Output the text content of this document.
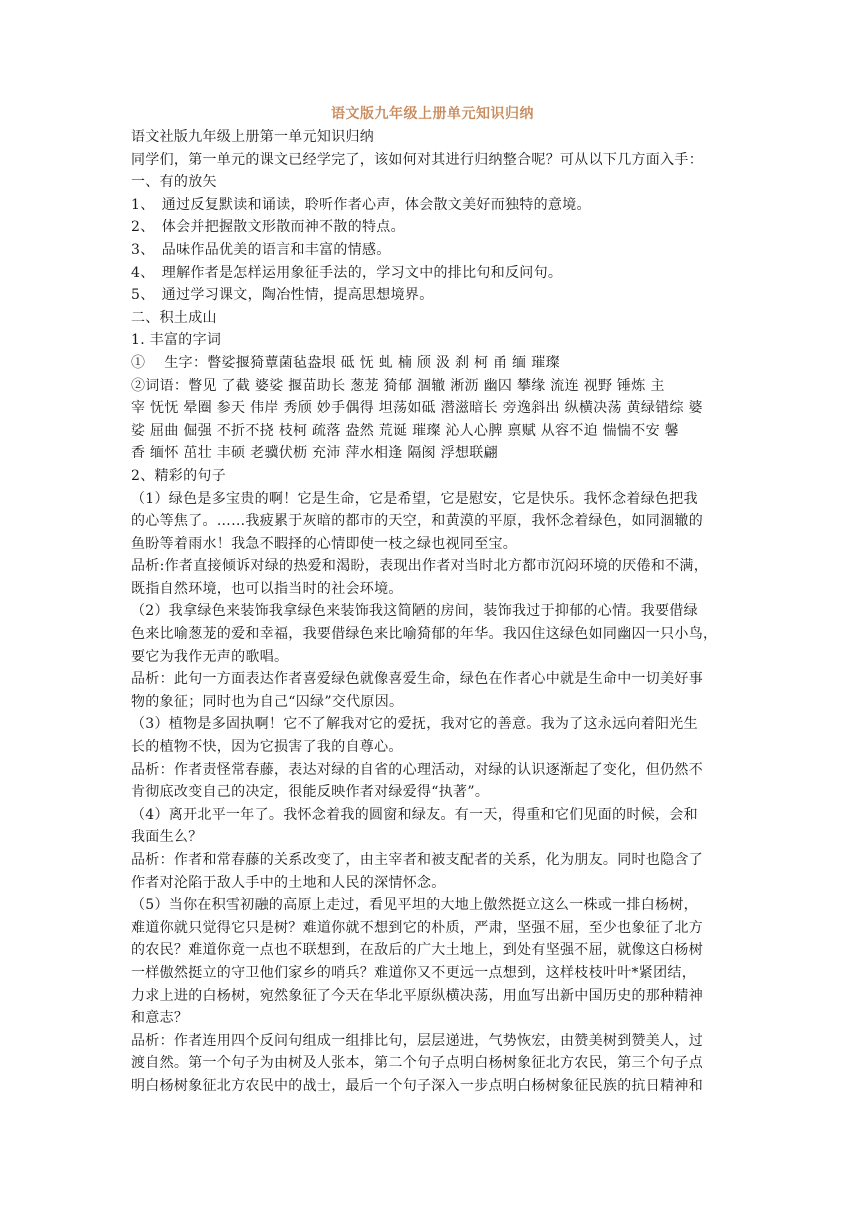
语文版九年级上册单元知识归纳

语文社版九年级上册第一单元知识归纳

同学们，第一单元的课文已经学完了，该如何对其进行归纳整合呢？可从以下几方面入手：

一、有的放矢

1、　通过反复默读和诵读，聆听作者心声，体会散文美好而独特的意境。

2、　体会并把握散文形散而神不散的特点。

3、　品味作品优美的语言和丰富的情感。

4、　理解作者是怎样运用象征手法的，学习文中的排比句和反问句。

5、　通过学习课文，陶冶性情，提高思想境界。

二、积土成山

1. 丰富的字词

①　 生字：瞥娑揠猗蕈菌毡盎垠 砥 怃 虬 楠 颀 汲 刹 柯 甬 缅 璀璨

②词语：瞥见 了截 婆娑 揠苗助长 葱茏 猗郁 涸辙 淅沥 幽囚 攀缘 流连 视野 锤炼 主

宰 怃怃 晕圈 参天 伟岸 秀颀 妙手偶得 坦荡如砥 潜滋暗长 旁逸斜出 纵横决荡 黄绿错综 婆

娑 屈曲 倔强 不折不挠 枝柯 疏落 盎然 荒诞 璀璨 沁人心脾 禀赋 从容不迫 惴惴不安 馨

香 缅怀 茁壮 丰硕 老骥伏枥 充沛 萍水相逢 隔阂 浮想联翩

2、精彩的句子

（1）绿色是多宝贵的啊！它是生命，它是希望，它是慰安，它是快乐。我怀念着绿色把我

的心等焦了。……我疲累于灰暗的都市的天空，和黄漠的平原，我怀念着绿色，如同涸辙的

鱼盼等着雨水！我急不暇择的心情即使一枝之绿也视同至宝。

品析:作者直接倾诉对绿的热爱和渴盼，表现出作者对当时北方都市沉闷环境的厌倦和不满，

既指自然环境，也可以指当时的社会环境。

（2）我拿绿色来装饰我拿绿色来装饰我这简陋的房间，装饰我过于抑郁的心情。我要借绿

色来比喻葱茏的爱和幸福，我要借绿色来比喻猗郁的年华。我囚住这绿色如同幽囚一只小鸟，

要它为我作无声的歌唱。

品析：此句一方面表达作者喜爱绿色就像喜爱生命，绿色在作者心中就是生命中一切美好事

物的象征；同时也为自己“囚绿”交代原因。

（3）植物是多固执啊！它不了解我对它的爱抚，我对它的善意。我为了这永远向着阳光生

长的植物不快，因为它损害了我的自尊心。

品析：作者责怪常春藤，表达对绿的自省的心理活动，对绿的认识逐渐起了变化，但仍然不

肯彻底改变自己的决定，很能反映作者对绿爱得“执著”。

（4）离开北平一年了。我怀念着我的圆窗和绿友。有一天，得重和它们见面的时候，会和

我面生么？

品析：作者和常春藤的关系改变了，由主宰者和被支配者的关系，化为朋友。同时也隐含了

作者对沦陷于敌人手中的土地和人民的深情怀念。

（5）当你在积雪初融的高原上走过，看见平坦的大地上傲然挺立这么一株或一排白杨树，

难道你就只觉得它只是树？难道你就不想到它的朴质，严肃，坚强不屈，至少也象征了北方

的农民？难道你竟一点也不联想到，在敌后的广大土地上，到处有坚强不屈，就像这白杨树

一样傲然挺立的守卫他们家乡的哨兵？难道你又不更远一点想到，这样枝枝叶叶*紧团结，

力求上进的白杨树，宛然象征了今天在华北平原纵横决荡，用血写出新中国历史的那种精神

和意志？

品析：作者连用四个反问句组成一组排比句，层层递进，气势恢宏，由赞美树到赞美人，过

渡自然。第一个句子为由树及人张本，第二个句子点明白杨树象征北方农民，第三个句子点

明白杨树象征北方农民中的战士，最后一个句子深入一步点明白杨树象征民族的抗日精神和
